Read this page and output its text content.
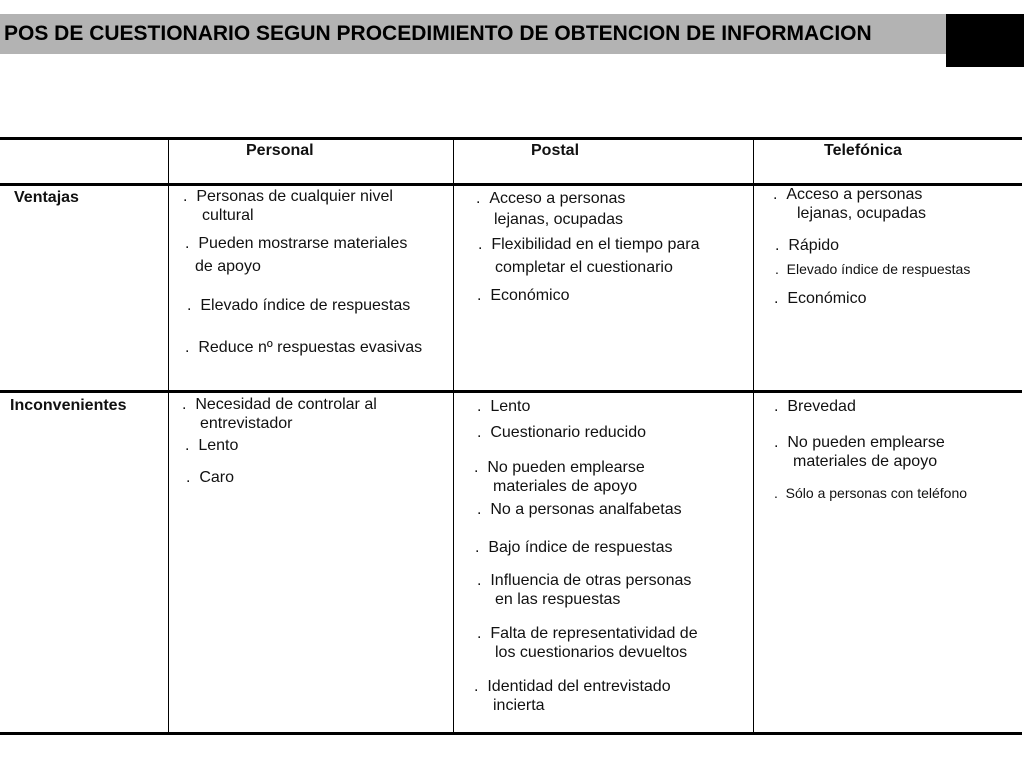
POS DE CUESTIONARIO SEGUN PROCEDIMIENTO DE OBTENCION DE INFORMACION
Personal	Postal	Telefónica
Ventajas
Inconvenientes
. Personas de cualquier nivel
cultural
. Pueden mostrarse materiales
de apoyo
. Elevado índice de respuestas
. Reduce nº respuestas evasivas
. Acceso a personas
lejanas, ocupadas
. Flexibilidad en el tiempo para
completar el cuestionario
. Económico
. Acceso a personas
lejanas, ocupadas
. Rápido
. Elevado índice de respuestas
. Económico
. Necesidad de controlar al
entrevistador
. Lento
. Caro
. Lento
. Cuestionario reducido
. No pueden emplearse
materiales de apoyo
. No a personas analfabetas
. Bajo índice de respuestas
. Influencia de otras personas
en las respuestas
. Falta de representatividad de
los cuestionarios devueltos
. Identidad del entrevistado
incierta
. Brevedad
. No pueden emplearse
materiales de apoyo
. Sólo a personas con teléfono
